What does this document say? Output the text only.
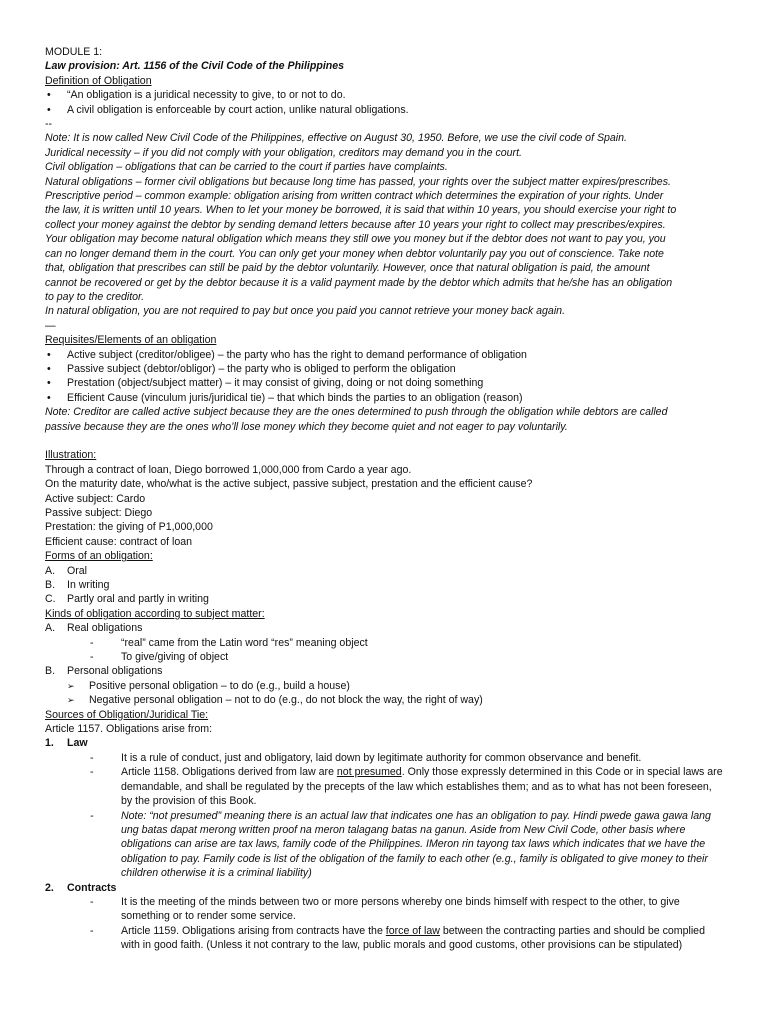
MODULE 1:
Law provision: Art. 1156 of the Civil Code of the Philippines
Definition of Obligation
• “An obligation is a juridical necessity to give, to or not to do.
• A civil obligation is enforceable by court action, unlike natural obligations.
--
Note: It is now called New Civil Code of the Philippines, effective on August 30, 1950. Before, we use the civil code of Spain.
Juridical necessity – if you did not comply with your obligation, creditors may demand you in the court.
Civil obligation – obligations that can be carried to the court if parties have complaints.
Natural obligations – former civil obligations but because long time has passed, your rights over the subject matter expires/prescribes.
Prescriptive period – common example: obligation arising from written contract which determines the expiration of your rights. Under
the law, it is written until 10 years. When to let your money be borrowed, it is said that within 10 years, you should exercise your right to
collect your money against the debtor by sending demand letters because after 10 years your right to collect may prescribes/expires.
Your obligation may become natural obligation which means they still owe you money but if the debtor does not want to pay you, you
can no longer demand them in the court. You can only get your money when debtor voluntarily pay you out of conscience. Take note
that, obligation that prescribes can still be paid by the debtor voluntarily. However, once that natural obligation is paid, the amount
cannot be recovered or get by the debtor because it is a valid payment made by the debtor which admits that he/she has an obligation
to pay to the creditor.
In natural obligation, you are not required to pay but once you paid you cannot retrieve your money back again.
—
Requisites/Elements of an obligation
• Active subject (creditor/obligee) – the party who has the right to demand performance of obligation
• Passive subject (debtor/obligor) – the party who is obliged to perform the obligation
• Prestation (object/subject matter) – it may consist of giving, doing or not doing something
• Efficient Cause (vinculum juris/juridical tie) – that which binds the parties to an obligation (reason)
Note: Creditor are called active subject because they are the ones determined to push through the obligation while debtors are called
passive because they are the ones who’ll lose money which they become quiet and not eager to pay voluntarily.
Illustration:
Through a contract of loan, Diego borrowed 1,000,000 from Cardo a year ago.
On the maturity date, who/what is the active subject, passive subject, prestation and the efficient cause?
Active subject: Cardo
Passive subject: Diego
Prestation: the giving of P1,000,000
Efficient cause: contract of loan
Forms of an obligation:
A. Oral
B. In writing
C. Partly oral and partly in writing
Kinds of obligation according to subject matter:
A. Real obligations
-	“real” came from the Latin word “res” meaning object
-	To give/giving of object
B. Personal obligations
➢ Positive personal obligation – to do (e.g., build a house)
➢ Negative personal obligation – not to do (e.g., do not block the way, the right of way)
Sources of Obligation/Juridical Tie:
Article 1157. Obligations arise from:
1. Law
-	It is a rule of conduct, just and obligatory, laid down by legitimate authority for common observance and benefit.
-	Article 1158. Obligations derived from law are not presumed. Only those expressly determined in this Code or in special laws are demandable, and shall be regulated by the precepts of the law which establishes them; and as to what has not been foreseen, by the provision of this Book.
-	Note: “not presumed” meaning there is an actual law that indicates one has an obligation to pay. Hindi pwede gawa gawa lang ung batas dapat merong written proof na meron talagang batas na ganun. Aside from New Civil Code, other basis where obligations can arise are tax laws, family code of the Philippines. IMeron rin tayong tax laws which indicates that we have the obligation to pay. Family code is list of the obligation of the family to each other (e.g., family is obligated to give money to their children otherwise it is a criminal liability)
2. Contracts
-	It is the meeting of the minds between two or more persons whereby one binds himself with respect to the other, to give something or to render some service.
-	Article 1159. Obligations arising from contracts have the force of law between the contracting parties and should be complied with in good faith. (Unless it not contrary to the law, public morals and good customs, other provisions can be stipulated)
